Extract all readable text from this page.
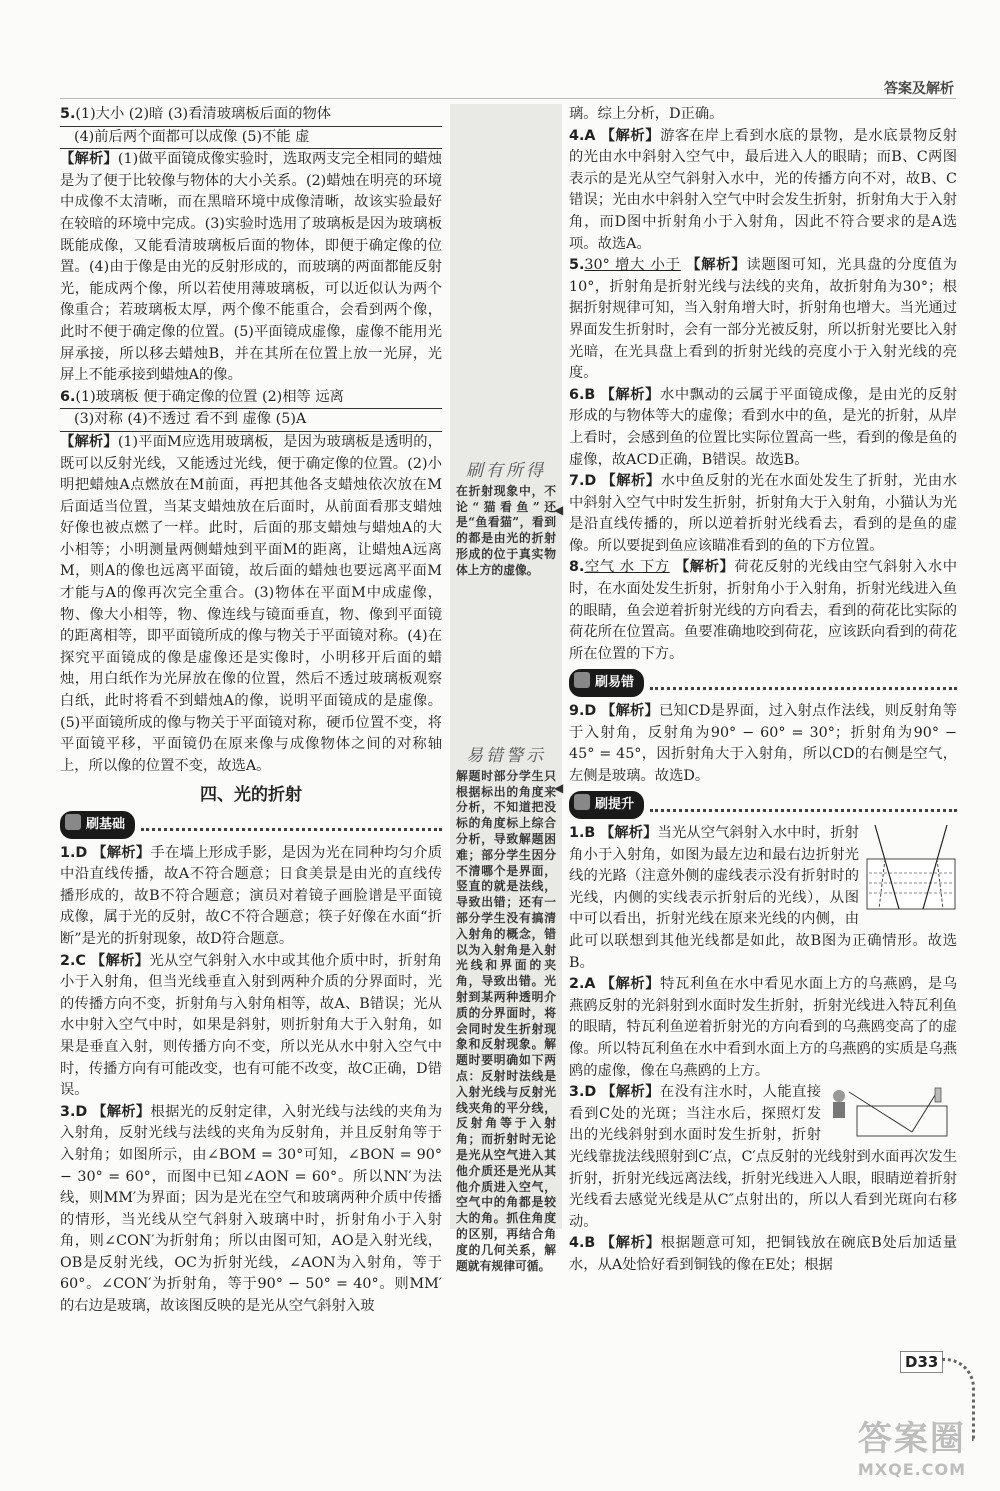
答案及解析
5.(1)大小 (2)暗 (3)看清玻璃板后面的物体
(4)前后两个面都可以成像 (5)不能 虚
【解析】(1)做平面镜成像实验时，选取两支完全相同的蜡烛是为了便于比较像与物体的大小关系。(2)蜡烛在明亮的环境中成像不太清晰，而在黑暗环境中成像清晰，故该实验最好在较暗的环境中完成。(3)实验时选用了玻璃板是因为玻璃板既能成像，又能看清玻璃板后面的物体，即便于确定像的位置。(4)由于像是由光的反射形成的，而玻璃的两面都能反射光，能成两个像，所以若使用薄玻璃板，可以近似认为两个像重合；若玻璃板太厚，两个像不能重合，会看到两个像，此时不便于确定像的位置。(5)平面镜成虚像，虚像不能用光屏承接，所以移去蜡烛B，并在其所在位置上放一光屏，光屏上不能承接到蜡烛A的像。
6.(1)玻璃板 便于确定像的位置 (2)相等 远离
(3)对称 (4)不透过 看不到 虚像 (5)A
【解析】(1)平面M应选用玻璃板，是因为玻璃板是透明的，既可以反射光线，又能透过光线，便于确定像的位置。(2)小明把蜡烛A点燃放在M前面，再把其他各支蜡烛依次放在M后面适当位置，当某支蜡烛放在后面时，从前面看那支蜡烛好像也被点燃了一样。此时，后面的那支蜡烛与蜡烛A的大小相等；小明测量两侧蜡烛到平面M的距离，让蜡烛A远离M，则A的像也远离平面镜，故后面的蜡烛也要远离平面M才能与A的像再次完全重合。(3)物体在平面M中成虚像，物、像大小相等，物、像连线与镜面垂直，物、像到平面镜的距离相等，即平面镜所成的像与物关于平面镜对称。(4)在探究平面镜成的像是虚像还是实像时，小明移开后面的蜡烛，用白纸作为光屏放在像的位置，然后不透过玻璃板观察白纸，此时将看不到蜡烛A的像，说明平面镜成的是虚像。(5)平面镜所成的像与物关于平面镜对称，硬币位置不变，将平面镜平移，平面镜仍在原来像与成像物体之间的对称轴上，所以像的位置不变，故选A。
四、光的折射
刷基础
1.D 【解析】手在墙上形成手影，是因为光在同种均匀介质中沿直线传播，故A不符合题意；日食美景是由光的直线传播形成的，故B不符合题意；演员对着镜子画脸谱是平面镜成像，属于光的反射，故C不符合题意；筷子好像在水面“折断”是光的折射现象，故D符合题意。
2.C 【解析】光从空气斜射入水中或其他介质中时，折射角小于入射角，但当光线垂直入射到两种介质的分界面时，光的传播方向不变，折射角与入射角相等，故A、B错误；光从水中射入空气中时，如果是斜射，则折射角大于入射角，如果是垂直入射，则传播方向不变，所以光从水中射入空气中时，传播方向有可能改变，也有可能不改变，故C正确，D错误。
3.D 【解析】根据光的反射定律，入射光线与法线的夹角为入射角，反射光线与法线的夹角为反射角，并且反射角等于入射角；如图所示，由∠BOM = 30°可知，∠BON = 90° − 30° = 60°，而图中已知∠AON = 60°。所以NN′为法线，则MM′为界面；因为是光在空气和玻璃两种介质中传播的情形，当光线从空气斜射入玻璃中时，折射角小于入射角，则∠CON′为折射角；所以由图可知，AO是入射光线，OB是反射光线，OC为折射光线，∠AON为入射角，等于60°。∠CON′为折射角，等于90° − 50° = 40°。则MM′的右边是玻璃，故该图反映的是光从空气斜射入玻
刷有所得
在折射现象中，不论“猫看鱼”还是“鱼看猫”，看到的都是由光的折射形成的位于真实物体上方的虚像。
易错警示
解题时部分学生只根据标出的角度来分析，不知道把没标的角度标上综合分析，导致解题困难；部分学生因分不清哪个是界面，竖直的就是法线，导致出错；还有一部分学生没有搞清入射角的概念，错以为入射角是入射光线和界面的夹角，导致出错。光射到某两种透明介质的分界面时，将会同时发生折射现象和反射现象。解题时要明确如下两点：反射时法线是入射光线与反射光线夹角的平分线，反射角等于入射角；而折射时无论是光从空气进入其他介质还是光从其他介质进入空气，空气中的角都是较大的角。抓住角度的区别，再结合角度的几何关系，解题就有规律可循。
◀
◀
璃。综上分析，D正确。
4.A 【解析】游客在岸上看到水底的景物，是水底景物反射的光由水中斜射入空气中，最后进入人的眼睛；而B、C两图表示的是光从空气斜射入水中，光的传播方向不对，故B、C错误；光由水中斜射入空气中时会发生折射，折射角大于入射角，而D图中折射角小于入射角，因此不符合要求的是A选项。故选A。
5.30° 增大 小于 【解析】读题图可知，光具盘的分度值为10°，折射角是折射光线与法线的夹角，故折射角为30°；根据折射规律可知，当入射角增大时，折射角也增大。当光通过界面发生折射时，会有一部分光被反射，所以折射光要比入射光暗，在光具盘上看到的折射光线的亮度小于入射光线的亮度。
6.B 【解析】水中飘动的云属于平面镜成像，是由光的反射形成的与物体等大的虚像；看到水中的鱼，是光的折射，从岸上看时，会感到鱼的位置比实际位置高一些，看到的像是鱼的虚像，故ACD正确，B错误。故选B。
7.D 【解析】水中鱼反射的光在水面处发生了折射，光由水中斜射入空气中时发生折射，折射角大于入射角，小猫认为光是沿直线传播的，所以逆着折射光线看去，看到的是鱼的虚像。所以要捉到鱼应该瞄准看到的鱼的下方位置。
8.空气 水 下方 【解析】荷花反射的光线由空气斜射入水中时，在水面处发生折射，折射角小于入射角，折射光线进入鱼的眼睛，鱼会逆着折射光线的方向看去，看到的荷花比实际的荷花所在位置高。鱼要准确地咬到荷花，应该跃向看到的荷花所在位置的下方。
刷易错
9.D 【解析】已知CD是界面，过入射点作法线，则反射角等于入射角，反射角为90° − 60° = 30°；折射角为90° − 45° = 45°，因折射角大于入射角，所以CD的右侧是空气，左侧是玻璃。故选D。
刷提升
1.B 【解析】当光从空气斜射入水中时，折射角小于入射角，如图为最左边和最右边折射光线的光路（注意外侧的虚线表示没有折射时的光线，内侧的实线表示折射后的光线），从图中可以看出，折射光线在原来光线的内侧，由此可以联想到其他光线都是如此，故B图为正确情形。故选B。
2.A 【解析】特瓦利鱼在水中看见水面上方的乌燕鸥，是乌燕鸥反射的光斜射到水面时发生折射，折射光线进入特瓦利鱼的眼睛，特瓦利鱼逆着折射光的方向看到的乌燕鸥变高了的虚像。所以特瓦利鱼在水中看到水面上方的乌燕鸥的实质是乌燕鸥的虚像，像在乌燕鸥的上方。
3.D 【解析】在没有注水时，人能直接看到C处的光斑；当注水后，探照灯发出的光线斜射到水面时发生折射，折射光线靠拢法线照射到C′点，C′点反射的光线射到水面再次发生折射，折射光线远离法线，折射光线进入人眼，眼睛逆着折射光线看去感觉光线是从C″点射出的，所以人看到光斑向右移动。
4.B 【解析】根据题意可知，把铜钱放在碗底B处后加适量水，从A处恰好看到铜钱的像在E处；根据
D33
答案圈
MXQE.COM
